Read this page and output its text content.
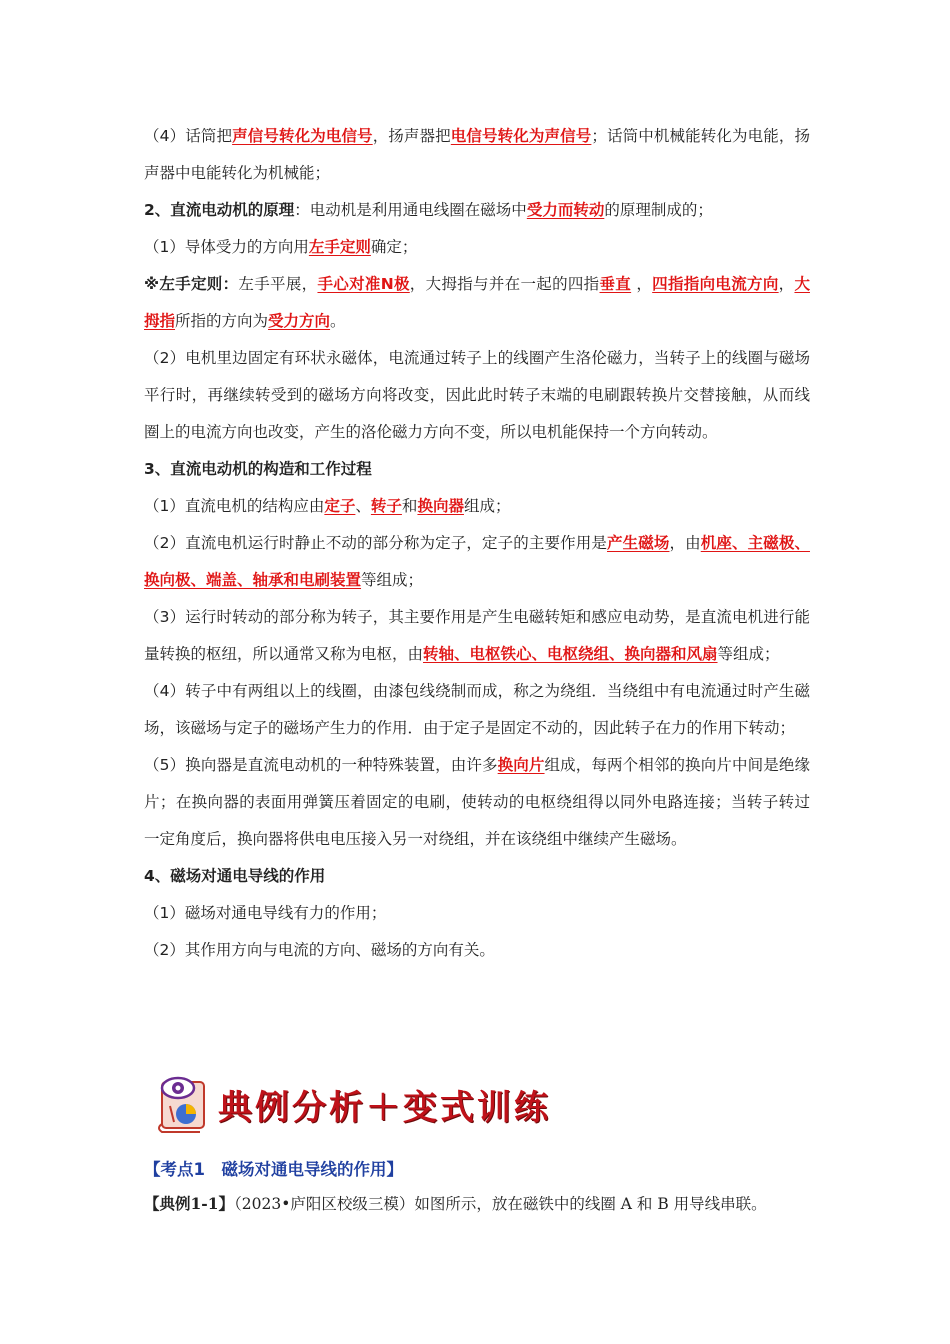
（4）话筒把声信号转化为电信号，扬声器把电信号转化为声信号；话筒中机械能转化为电能，扬声器中电能转化为机械能；

2、直流电动机的原理：电动机是利用通电线圈在磁场中受力而转动的原理制成的；

（1）导体受力的方向用左手定则确定；

※左手定则：左手平展，手心对准N极，大拇指与并在一起的四指垂直 ，四指指向电流方向，大拇指所指的方向为受力方向。

（2）电机里边固定有环状永磁体，电流通过转子上的线圈产生洛伦磁力，当转子上的线圈与磁场平行时，再继续转受到的磁场方向将改变，因此此时转子末端的电刷跟转换片交替接触，从而线圈上的电流方向也改变，产生的洛伦磁力方向不变，所以电机能保持一个方向转动。

3、直流电动机的构造和工作过程

（1）直流电机的结构应由定子、转子和换向器组成；

（2）直流电机运行时静止不动的部分称为定子，定子的主要作用是产生磁场，由机座、主磁极、换向极、端盖、轴承和电刷装置等组成；

（3）运行时转动的部分称为转子，其主要作用是产生电磁转矩和感应电动势，是直流电机进行能量转换的枢纽，所以通常又称为电枢，由转轴、电枢铁心、电枢绕组、换向器和风扇等组成；

（4）转子中有两组以上的线圈，由漆包线绕制而成，称之为绕组．当绕组中有电流通过时产生磁场，该磁场与定子的磁场产生力的作用．由于定子是固定不动的，因此转子在力的作用下转动；

（5）换向器是直流电动机的一种特殊装置，由许多换向片组成，每两个相邻的换向片中间是绝缘片；在换向器的表面用弹簧压着固定的电刷，使转动的电枢绕组得以同外电路连接；当转子转过一定角度后，换向器将供电电压接入另一对绕组，并在该绕组中继续产生磁场。

4、磁场对通电导线的作用

（1）磁场对通电导线有力的作用；

（2）其作用方向与电流的方向、磁场的方向有关。

典例分析＋变式训练
【考点1　磁场对通电导线的作用】
【典例1-1】（2023•庐阳区校级三模）如图所示，放在磁铁中的线圈 A 和 B 用导线串联。
